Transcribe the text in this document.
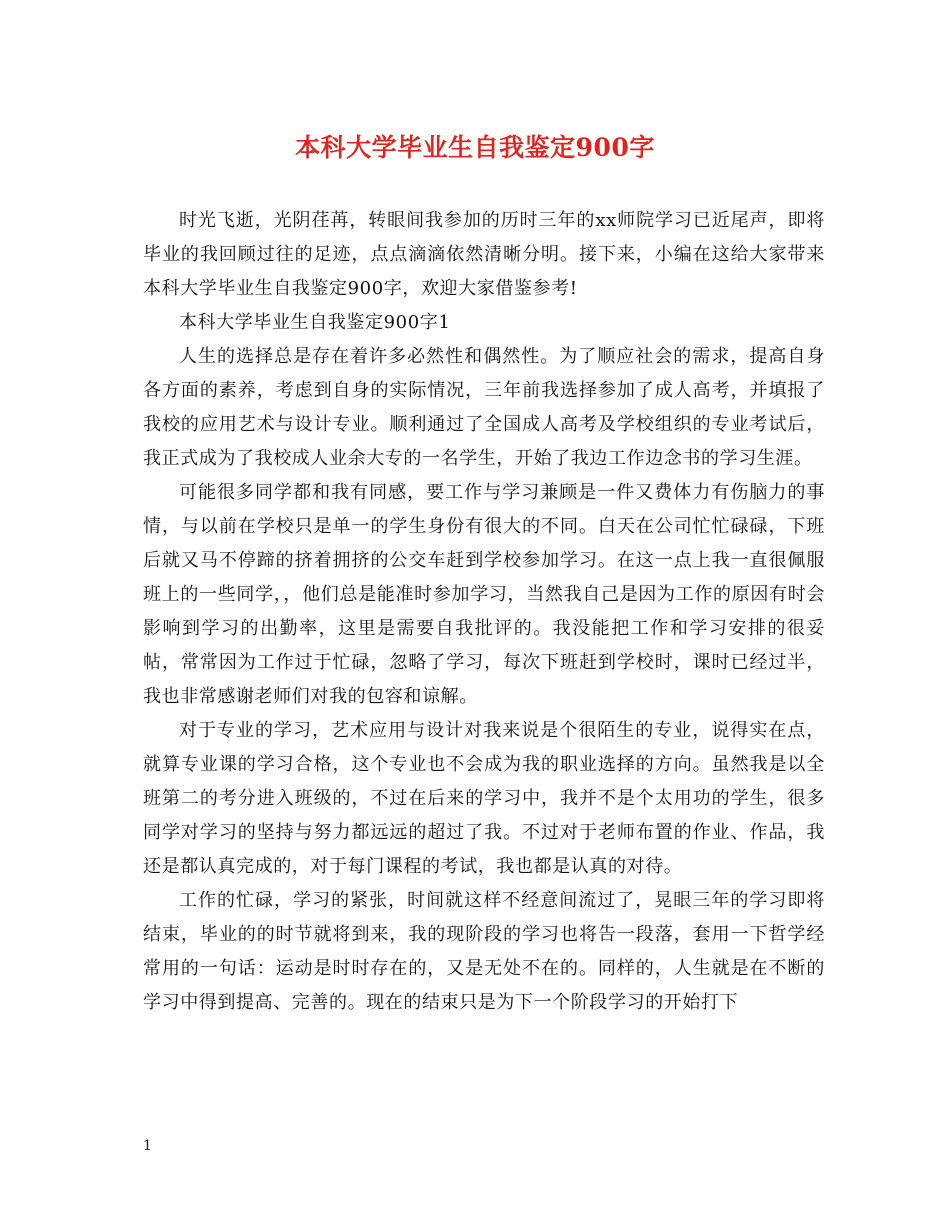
本科大学毕业生自我鉴定900字

时光飞逝，光阴荏苒，转眼间我参加的历时三年的xx师院学习已近尾声，即将毕业的我回顾过往的足迹，点点滴滴依然清晰分明。接下来，小编在这给大家带来本科大学毕业生自我鉴定900字，欢迎大家借鉴参考!

本科大学毕业生自我鉴定900字1

人生的选择总是存在着许多必然性和偶然性。为了顺应社会的需求，提高自身各方面的素养，考虑到自身的实际情况，三年前我选择参加了成人高考，并填报了我校的应用艺术与设计专业。顺利通过了全国成人高考及学校组织的专业考试后，我正式成为了我校成人业余大专的一名学生，开始了我边工作边念书的学习生涯。

可能很多同学都和我有同感，要工作与学习兼顾是一件又费体力有伤脑力的事情，与以前在学校只是单一的学生身份有很大的不同。白天在公司忙忙碌碌，下班后就又马不停蹄的挤着拥挤的公交车赶到学校参加学习。在这一点上我一直很佩服班上的一些同学，，他们总是能准时参加学习，当然我自己是因为工作的原因有时会影响到学习的出勤率，这里是需要自我批评的。我没能把工作和学习安排的很妥帖，常常因为工作过于忙碌，忽略了学习，每次下班赶到学校时，课时已经过半，我也非常感谢老师们对我的包容和谅解。

对于专业的学习，艺术应用与设计对我来说是个很陌生的专业，说得实在点，就算专业课的学习合格，这个专业也不会成为我的职业选择的方向。虽然我是以全班第二的考分进入班级的，不过在后来的学习中，我并不是个太用功的学生，很多同学对学习的坚持与努力都远远的超过了我。不过对于老师布置的作业、作品，我还是都认真完成的，对于每门课程的考试，我也都是认真的对待。

工作的忙碌，学习的紧张，时间就这样不经意间流过了，晃眼三年的学习即将结束，毕业的的时节就将到来，我的现阶段的学习也将告一段落，套用一下哲学经常用的一句话：运动是时时存在的，又是无处不在的。同样的，人生就是在不断的学习中得到提高、完善的。现在的结束只是为下一个阶段学习的开始打下

1
